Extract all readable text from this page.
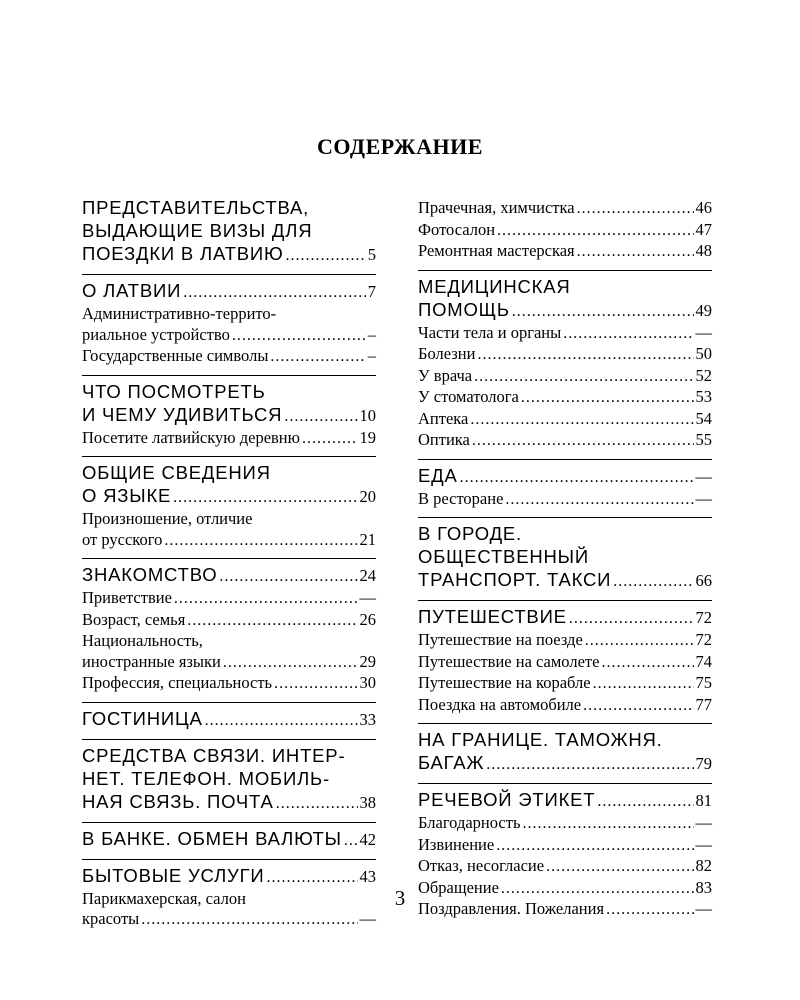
СОДЕРЖАНИЕ
ПРЕДСТАВИТЕЛЬСТВА,
ВЫДАЮЩИЕ ВИЗЫ ДЛЯ
ПОЕЗДКИ В ЛАТВИЮ .....	5
О ЛАТВИИ .....	7
Административно-террито-
риальное устройство .....	–
Государственные символы .....	–
ЧТО ПОСМОТРЕТЬ
И ЧЕМУ УДИВИТЬСЯ .....	10
Посетите латвийскую деревню .....	19
ОБЩИЕ СВЕДЕНИЯ
О ЯЗЫКЕ .....	20
Произношение, отличие
от русского .....	21
ЗНАКОМСТВО .....	24
Приветствие .....	—
Возраст, семья .....	26
Национальность,
иностранные языки .....	29
Профессия, специальность .....	30
ГОСТИНИЦА .....	33
СРЕДСТВА СВЯЗИ. ИНТЕР-
НЕТ. ТЕЛЕФОН. МОБИЛЬ-
НАЯ СВЯЗЬ. ПОЧТА .....	38
В БАНКЕ. ОБМЕН ВАЛЮТЫ ..... 42
БЫТОВЫЕ УСЛУГИ .....	43
Парикмахерская, салон
красоты .....	—
Прачечная, химчистка .....	46
Фотосалон .....	47
Ремонтная мастерская .....	48
МЕДИЦИНСКАЯ
ПОМОЩЬ .....	49
Части тела и органы .....	—
Болезни .....	50
У врача .....	52
У стоматолога .....	53
Аптека .....	54
Оптика .....	55
ЕДА .....	—
В ресторане .....	—
В ГОРОДЕ.
ОБЩЕСТВЕННЫЙ
ТРАНСПОРТ. ТАКСИ .....	66
ПУТЕШЕСТВИЕ .....	72
Путешествие на поезде .....	72
Путешествие на самолете .....	74
Путешествие на корабле .....	75
Поездка на автомобиле .....	77
НА ГРАНИЦЕ. ТАМОЖНЯ.
БАГАЖ .....	79
РЕЧЕВОЙ ЭТИКЕТ .....	81
Благодарность .....	—
Извинение .....	—
Отказ, несогласие .....	82
Обращение .....	83
Поздравления. Пожелания .....	—
3
